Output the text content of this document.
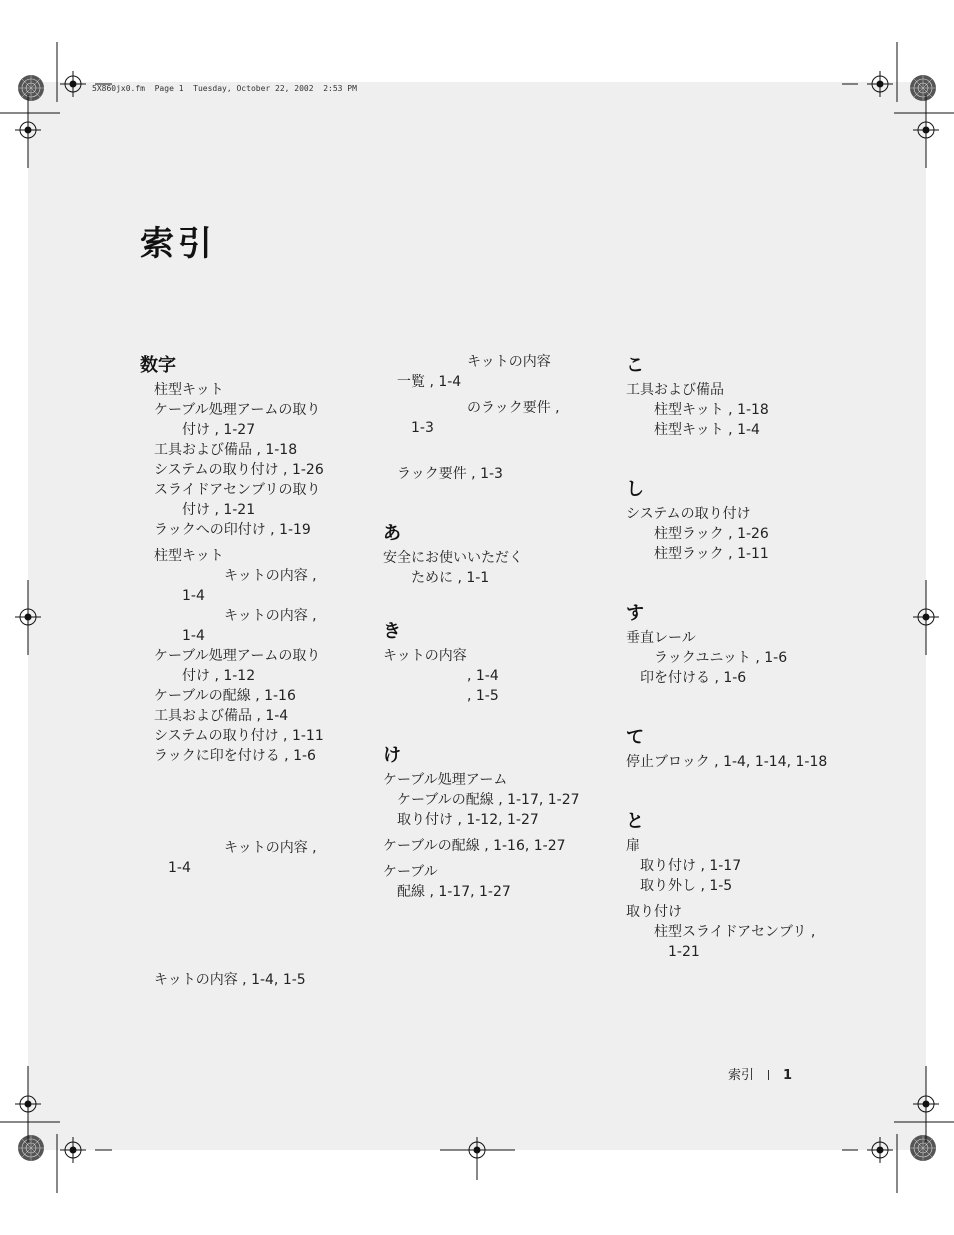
5X860jx0.fm  Page 1  Tuesday, October 22, 2002  2:53 PM
索引
数字
柱型キット
ケーブル処理アームの取り
付け , 1-27
工具および備品 , 1-18
システムの取り付け , 1-26
スライドアセンブリの取り
付け , 1-21
ラックへの印付け , 1-19
柱型キット
キットの内容 ,
1-4
キットの内容 ,
1-4
ケーブル処理アームの取り
付け , 1-12
ケーブルの配線 , 1-16
工具および備品 , 1-4
システムの取り付け , 1-11
ラックに印を付ける , 1-6
キットの内容 ,
1-4
キットの内容 , 1-4, 1-5
キットの内容
一覧 , 1-4
のラック要件 ,
1-3
ラック要件 , 1-3
あ
安全にお使いいただく
ために , 1-1
き
キットの内容
, 1-4
, 1-5
け
ケーブル処理アーム
ケーブルの配線 , 1-17, 1-27
取り付け , 1-12, 1-27
ケーブルの配線 , 1-16, 1-27
ケーブル
配線 , 1-17, 1-27
こ
工具および備品
柱型キット , 1-18
柱型キット , 1-4
し
システムの取り付け
柱型ラック , 1-26
柱型ラック , 1-11
す
垂直レール
ラックユニット , 1-6
印を付ける , 1-6
て
停止ブロック , 1-4, 1-14, 1-18
と
扉
取り付け , 1-17
取り外し , 1-5
取り付け
柱型スライドアセンブリ ,
1-21
索引 1
